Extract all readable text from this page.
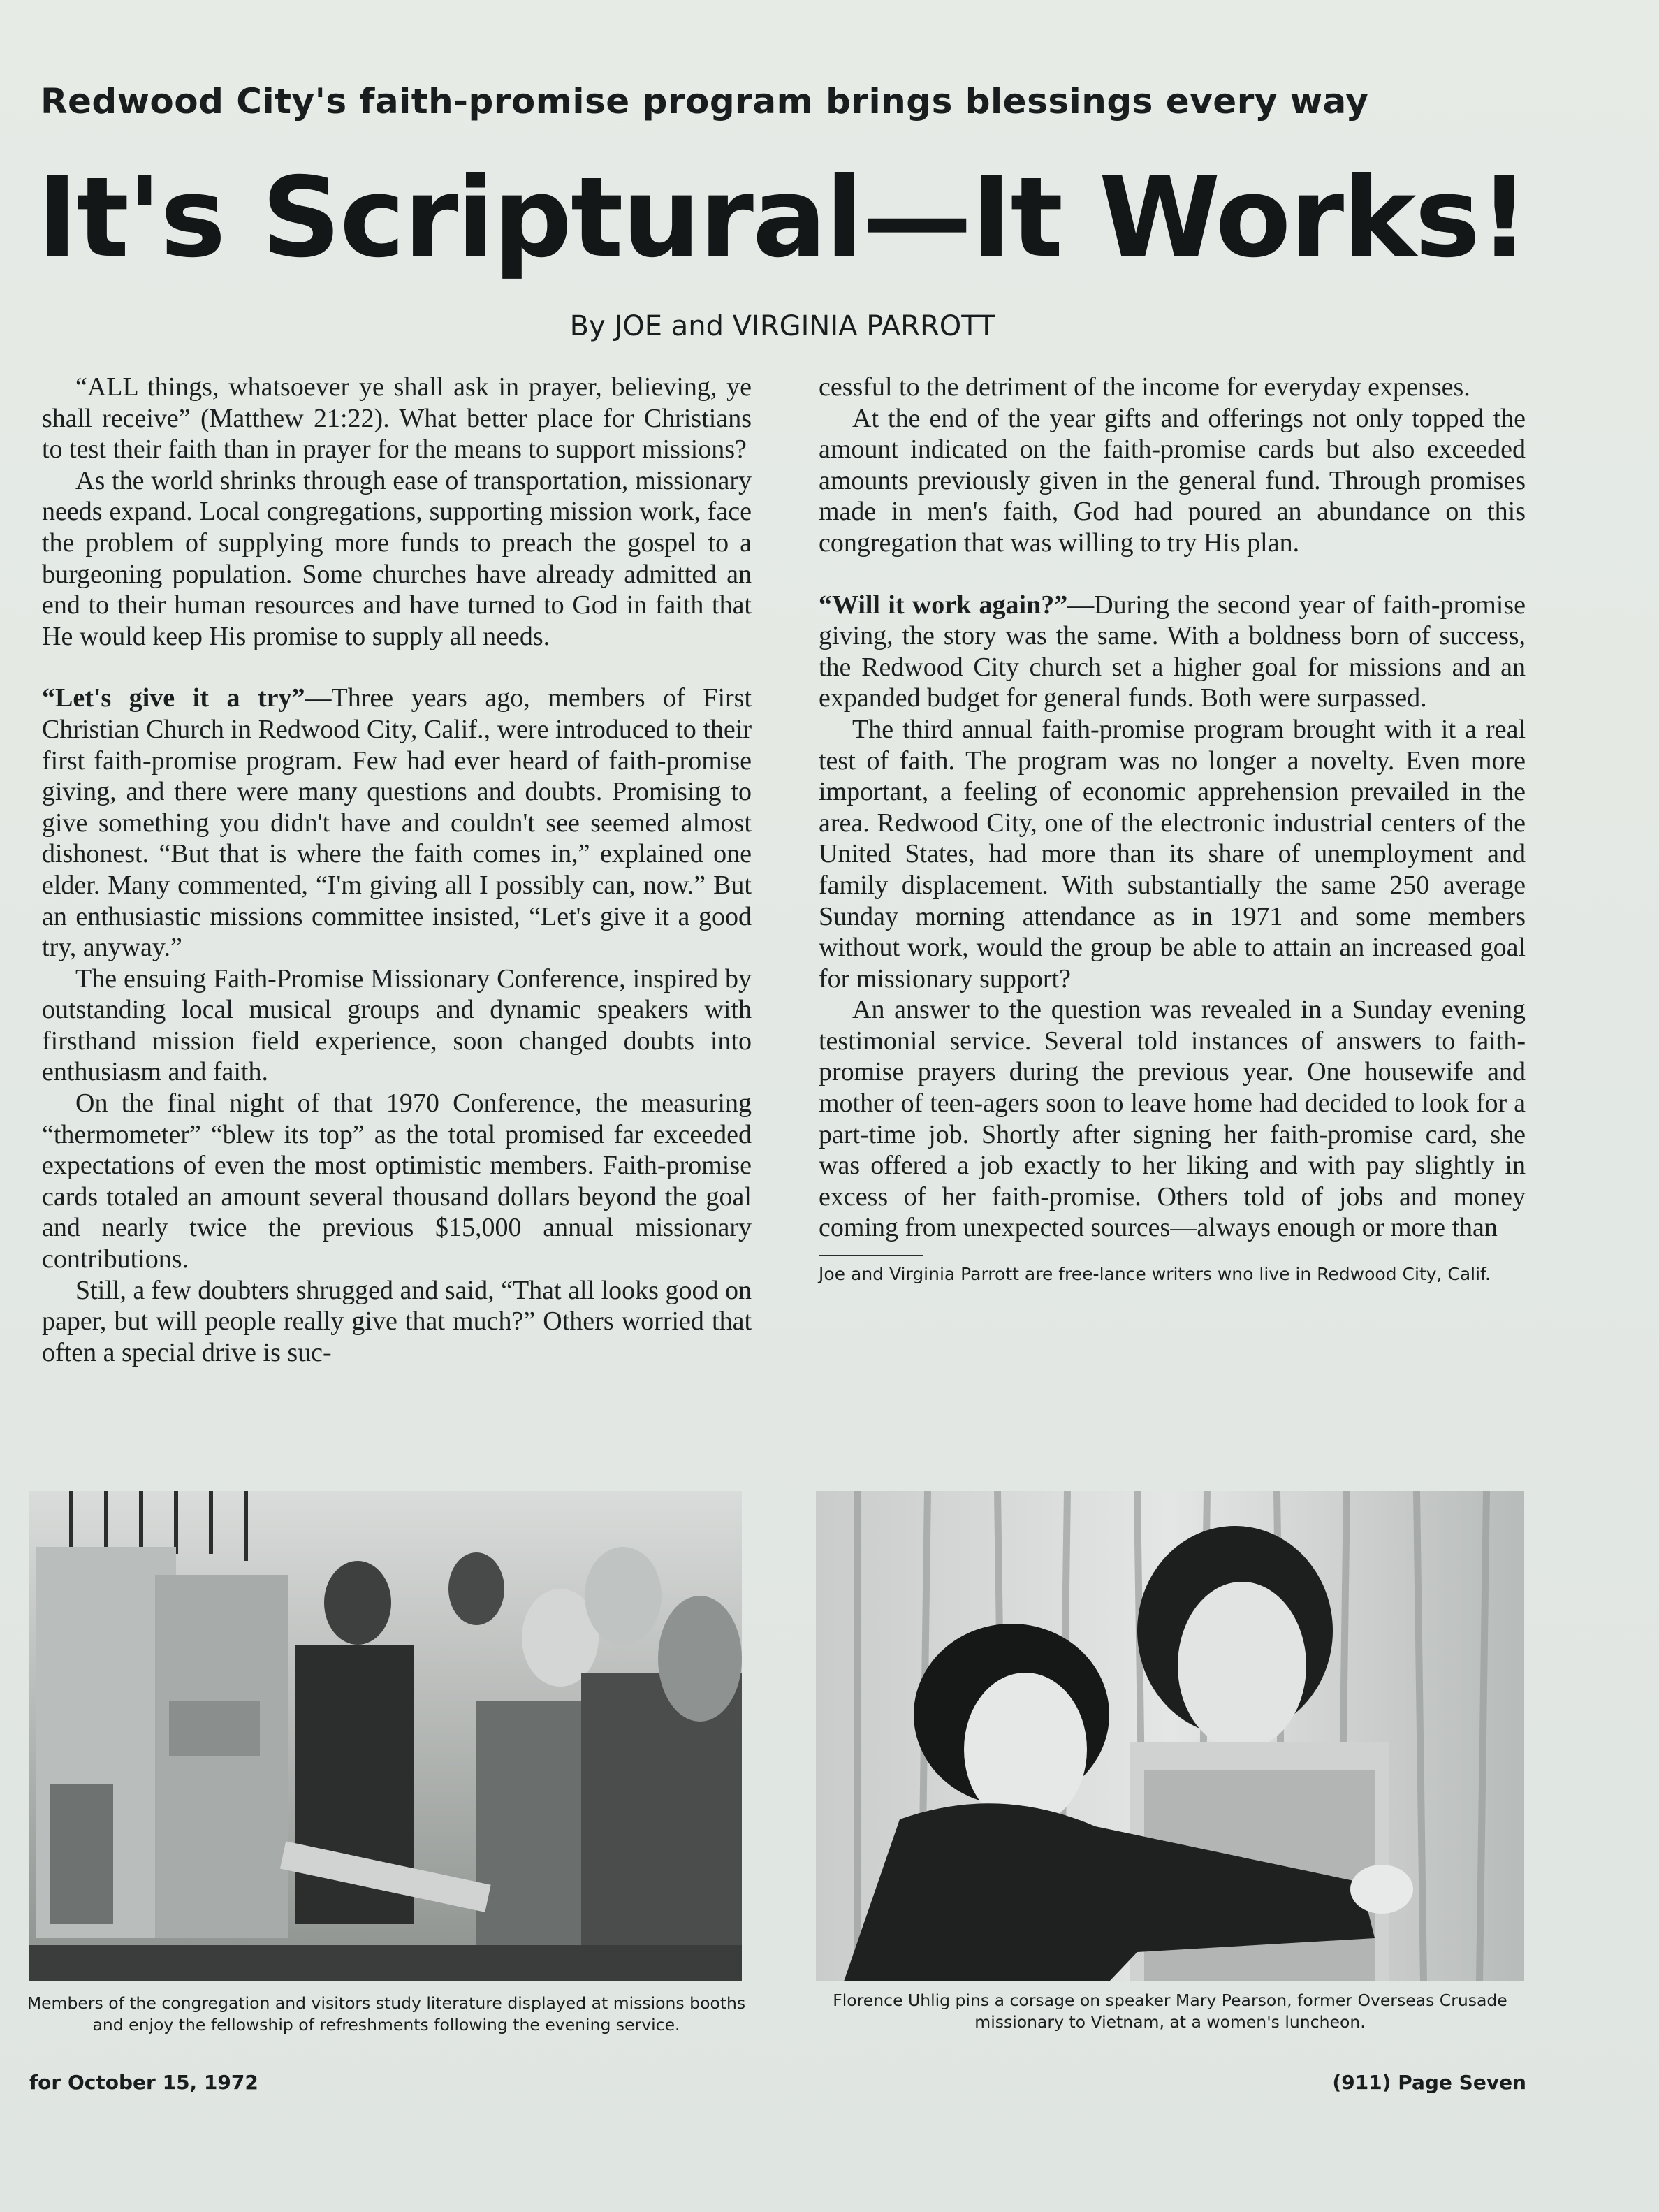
Redwood City's faith-promise program brings blessings every way
It's Scriptural—It Works!
By JOE and VIRGINIA PARROTT

“ALL things, whatsoever ye shall ask in prayer, believing, ye shall receive” (Matthew 21:22). What better place for Christians to test their faith than in prayer for the means to support missions?

As the world shrinks through ease of transportation, missionary needs expand. Local congregations, supporting mission work, face the problem of supplying more funds to preach the gospel to a burgeoning population. Some churches have already admitted an end to their human resources and have turned to God in faith that He would keep His promise to supply all needs.

“Let's give it a try”—Three years ago, members of First Christian Church in Redwood City, Calif., were introduced to their first faith-promise program. Few had ever heard of faith-promise giving, and there were many questions and doubts. Promising to give something you didn't have and couldn't see seemed almost dishonest. “But that is where the faith comes in,” explained one elder. Many commented, “I'm giving all I possibly can, now.” But an enthusiastic missions committee insisted, “Let's give it a good try, anyway.”

The ensuing Faith-Promise Missionary Conference, inspired by outstanding local musical groups and dynamic speakers with firsthand mission field experience, soon changed doubts into enthusiasm and faith.

On the final night of that 1970 Conference, the measuring “thermometer” “blew its top” as the total promised far exceeded expectations of even the most optimistic members. Faith-promise cards totaled an amount several thousand dollars beyond the goal and nearly twice the previous $15,000 annual missionary contributions.

Still, a few doubters shrugged and said, “That all looks good on paper, but will people really give that much?” Others worried that often a special drive is suc-

cessful to the detriment of the income for everyday expenses.

At the end of the year gifts and offerings not only topped the amount indicated on the faith-promise cards but also exceeded amounts previously given in the general fund. Through promises made in men's faith, God had poured an abundance on this congregation that was willing to try His plan.

“Will it work again?”—During the second year of faith-promise giving, the story was the same. With a boldness born of success, the Redwood City church set a higher goal for missions and an expanded budget for general funds. Both were surpassed.

The third annual faith-promise program brought with it a real test of faith. The program was no longer a novelty. Even more important, a feeling of economic apprehension prevailed in the area. Redwood City, one of the electronic industrial centers of the United States, had more than its share of unemployment and family displacement. With substantially the same 250 average Sunday morning attendance as in 1971 and some members without work, would the group be able to attain an increased goal for missionary support?

An answer to the question was revealed in a Sunday evening testimonial service. Several told instances of answers to faith-promise prayers during the previous year. One housewife and mother of teen-agers soon to leave home had decided to look for a part-time job. Shortly after signing her faith-promise card, she was offered a job exactly to her liking and with pay slightly in excess of her faith-promise. Others told of jobs and money coming from unexpected sources—always enough or more than

Joe and Virginia Parrott are free-lance writers wno live in Redwood City, Calif.
Members of the congregation and visitors study literature displayed at missions booths and enjoy the fellowship of refreshments following the evening service.
Florence Uhlig pins a corsage on speaker Mary Pearson, former Overseas Crusade missionary to Vietnam, at a women's luncheon.
for October 15, 1972	(911) Page Seven
